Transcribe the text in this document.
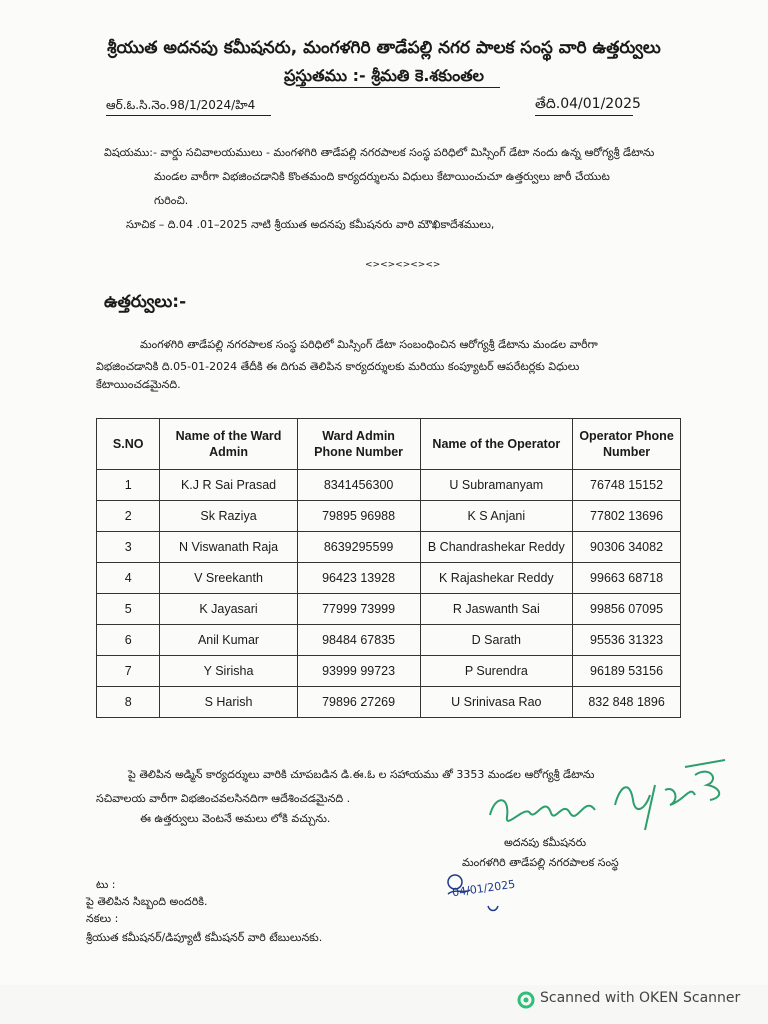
శ్రీయుత అదనపు కమీషనరు, మంగళగిరి తాడేపల్లి నగర పాలక సంస్థ వారి ఉత్తర్వులు
ప్రస్తుతము :- శ్రీమతి కె.శకుంతల
ఆర్.ఓ.సి.నెం.98/1/2024/హి4	తేది.04/01/2025
విషయము:- వార్డు సచివాలయములు - మంగళగిరి తాడేపల్లి నగరపాలక సంస్థ పరిధిలో మిస్సింగ్ డేటా నందు ఉన్న ఆరోగ్యశ్రీ డేటాను
మండల వారీగా విభజించడానికి కొంతమంది కార్యదర్శులను విధులు కేటాయించుచూ ఉత్తర్వులు జారీ చేయుట
గురించి.
సూచిక – ది.04 .01–2025 నాటి శ్రీయుత అదనపు కమీషనరు వారి మౌఖికాదేశములు,
<><><><><>
ఉత్తర్వులు:-
మంగళగిరి తాడేపల్లి నగరపాలక సంస్థ పరిధిలో మిస్సింగ్ డేటా సంబంధించిన ఆరోగ్యశ్రీ డేటాను మండల వారీగా
విభజించడానికి ది.05-01-2024 తేదీకి ఈ దిగువ తెలిపిన కార్యదర్శులకు మరియు కంప్యూటర్ ఆపరేటర్లకు విధులు
కేటాయించడమైనది.
S.NO	Name of the Ward Admin	Ward Admin Phone Number	Name of the Operator	Operator Phone Number
1	K.J R Sai Prasad	8341456300	U Subramanyam	76748 15152
2	Sk Raziya	79895 96988	K S Anjani	77802 13696
3	N Viswanath Raja	8639295599	B Chandrashekar Reddy	90306 34082
4	V Sreekanth	96423 13928	K Rajashekar Reddy	99663 68718
5	K Jayasari	77999 73999	R Jaswanth Sai	99856 07095
6	Anil Kumar	98484 67835	D Sarath	95536 31323
7	Y Sirisha	93999 99723	P Surendra	96189 53156
8	S Harish	79896 27269	U Srinivasa Rao	832 848 1896
పై తెలిపిన అడ్మిన్ కార్యదర్శులు వారికి చూపబడిన డి.ఈ.ఓ ల సహాయము తో 3353 మండల ఆరోగ్యశ్రీ డేటాను
సచివాలయ వారీగా విభజించవలసినదిగా ఆదేశించడమైనది .
ఈ ఉత్తర్వులు వెంటనే అమలు లోకి వచ్చును.
అదనపు కమీషనరు
మంగళగిరి తాడేపల్లి నగరపాలక సంస్థ
04/01/2025
టు :
పై తెలిపిన సిబ్బంది అందరికి.
నకలు :
శ్రీయుత కమీషనర్/డిప్యూటీ కమీషనర్ వారి టేబులునకు.
Scanned with OKEN Scanner
